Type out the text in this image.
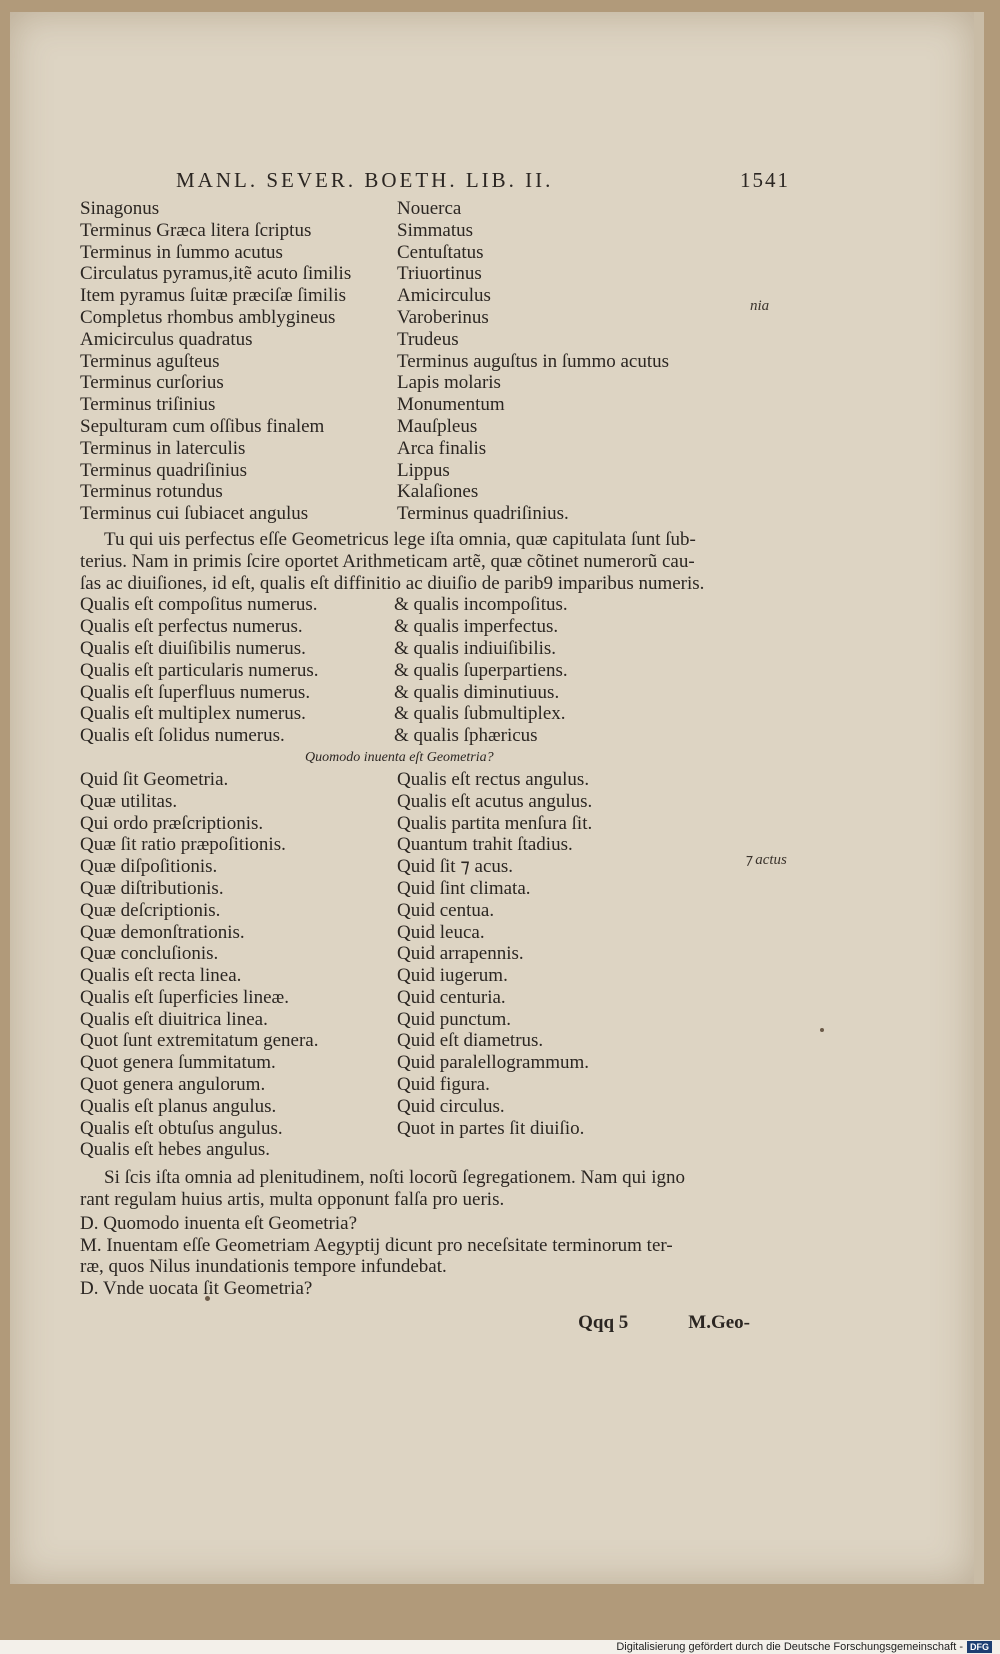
nia
⁊ actus
MANL. SEVER. BOETH. LIB. II.	1541
Sinagonus	Nouerca
Terminus Græca litera ſcriptus	Simmatus
Terminus in ſummo acutus	Centuſtatus
Circulatus pyramus,itẽ acuto ſimilis	Triuortinus
Item pyramus ſuitæ præciſæ ſimilis	Amicirculus
Completus rhombus amblygineus	Varoberinus
Amicirculus quadratus	Trudeus
Terminus aguſteus	Terminus auguſtus in ſummo acutus
Terminus curſorius	Lapis molaris
Terminus triſinius	Monumentum
Sepulturam cum oſſibus finalem	Mauſpleus
Terminus in laterculis	Arca finalis
Terminus quadriſinius	Lippus
Terminus rotundus	Kalaſiones
Terminus cui ſubiacet angulus	Terminus quadriſinius.
Tu qui uis perfectus eſſe Geometricus lege iſta omnia, quæ capitulata ſunt ſub-
terius. Nam in primis ſcire oportet Arithmeticam artẽ, quæ cõtinet numerorũ cau-
ſas ac diuiſiones, id eſt, qualis eſt diffinitio ac diuiſio de parib9 imparibus numeris.
Qualis eſt compoſitus numerus.	& qualis incompoſitus.
Qualis eſt perfectus numerus.	& qualis imperfectus.
Qualis eſt diuiſibilis numerus.	& qualis indiuiſibilis.
Qualis eſt particularis numerus.	& qualis ſuperpartiens.
Qualis eſt ſuperfluus numerus.	& qualis diminutiuus.
Qualis eſt multiplex numerus.	& qualis ſubmultiplex.
Qualis eſt ſolidus numerus.	& qualis ſphæricus
Quomodo inuenta eſt Geometria?
Quid ſit Geometria.	Qualis eſt rectus angulus.
Quæ utilitas.	Qualis eſt acutus angulus.
Qui ordo præſcriptionis.	Qualis partita menſura ſit.
Quæ ſit ratio præpoſitionis.	Quantum trahit ſtadius.
Quæ diſpoſitionis.	Quid ſit ⁊ acus.
Quæ diſtributionis.	Quid ſint climata.
Quæ deſcriptionis.	Quid centua.
Quæ demonſtrationis.	Quid leuca.
Quæ concluſionis.	Quid arrapennis.
Qualis eſt recta linea.	Quid iugerum.
Qualis eſt ſuperficies lineæ.	Quid centuria.
Qualis eſt diuitrica linea.	Quid punctum.
Quot ſunt extremitatum genera.	Quid eſt diametrus.
Quot genera ſummitatum.	Quid paralellogrammum.
Quot genera angulorum.	Quid figura.
Qualis eſt planus angulus.	Quid circulus.
Qualis eſt obtuſus angulus.	Quot in partes ſit diuiſio.
Qualis eſt hebes angulus.
Si ſcis iſta omnia ad plenitudinem, noſti locorũ ſegregationem. Nam qui igno
rant regulam huius artis, multa opponunt falſa pro ueris.
D. Quomodo inuenta eſt Geometria?
M. Inuentam eſſe Geometriam Aegyptij dicunt pro neceſsitate terminorum ter-
ræ, quos Nilus inundationis tempore infundebat.
D. Vnde uocata ſit Geometria?
Qqq 5	M.Geo-
Digitalisierung gefördert durch die Deutsche Forschungsgemeinschaft - DFG
